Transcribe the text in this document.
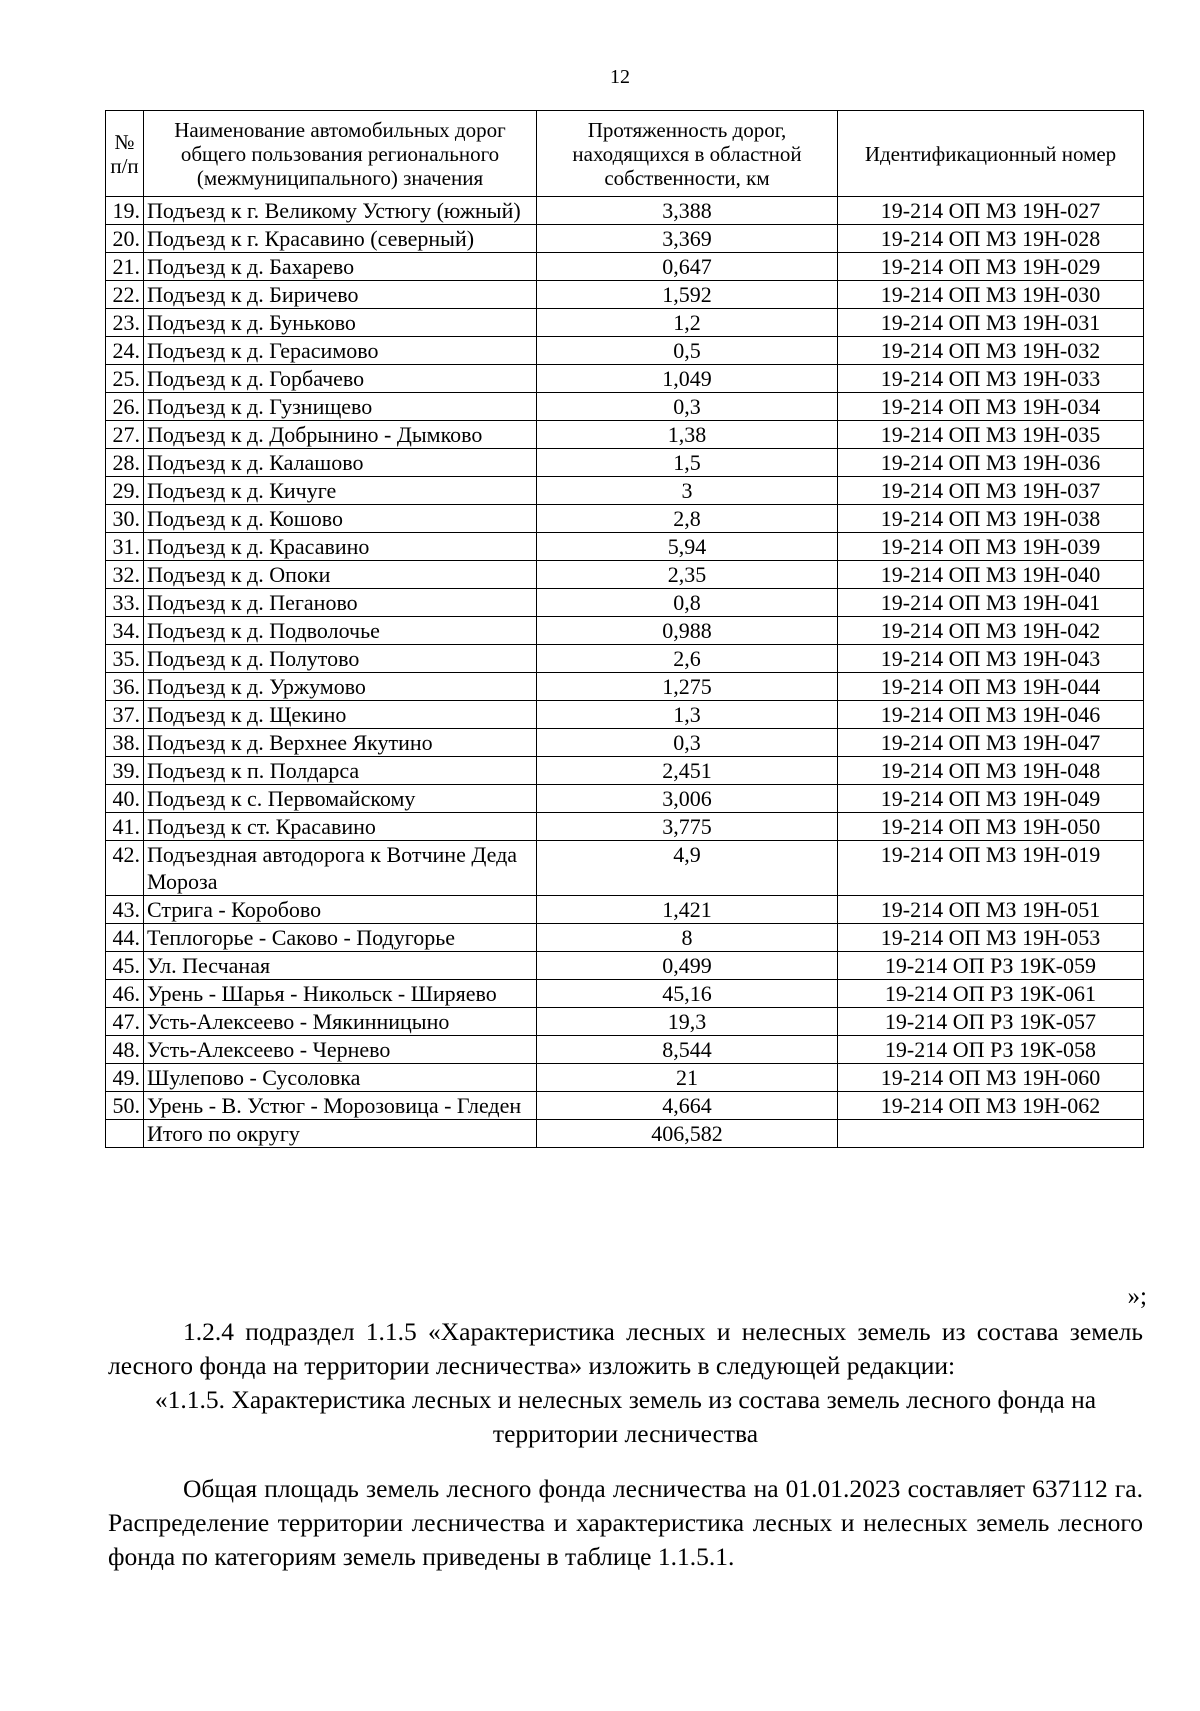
12
№ п/п	Наименование автомобильных дорог общего пользования регионального (межмуниципального) значения	Протяженность дорог, находящихся в областной собственности, км	Идентификационный номер
19.	Подъезд к г. Великому Устюгу (южный)	3,388	19-214 ОП МЗ 19Н-027
20.	Подъезд к г. Красавино (северный)	3,369	19-214 ОП МЗ 19Н-028
21.	Подъезд к д. Бахарево	0,647	19-214 ОП МЗ 19Н-029
22.	Подъезд к д. Биричево	1,592	19-214 ОП МЗ 19Н-030
23.	Подъезд к д. Буньково	1,2	19-214 ОП МЗ 19Н-031
24.	Подъезд к д. Герасимово	0,5	19-214 ОП МЗ 19Н-032
25.	Подъезд к д. Горбачево	1,049	19-214 ОП МЗ 19Н-033
26.	Подъезд к д. Гузнищево	0,3	19-214 ОП МЗ 19Н-034
27.	Подъезд к д. Добрынино - Дымково	1,38	19-214 ОП МЗ 19Н-035
28.	Подъезд к д. Калашово	1,5	19-214 ОП МЗ 19Н-036
29.	Подъезд к д. Кичуге	3	19-214 ОП МЗ 19Н-037
30.	Подъезд к д. Кошово	2,8	19-214 ОП МЗ 19Н-038
31.	Подъезд к д. Красавино	5,94	19-214 ОП МЗ 19Н-039
32.	Подъезд к д. Опоки	2,35	19-214 ОП МЗ 19Н-040
33.	Подъезд к д. Пеганово	0,8	19-214 ОП МЗ 19Н-041
34.	Подъезд к д. Подволочье	0,988	19-214 ОП МЗ 19Н-042
35.	Подъезд к д. Полутово	2,6	19-214 ОП МЗ 19Н-043
36.	Подъезд к д. Уржумово	1,275	19-214 ОП МЗ 19Н-044
37.	Подъезд к д. Щекино	1,3	19-214 ОП МЗ 19Н-046
38.	Подъезд к д. Верхнее Якутино	0,3	19-214 ОП МЗ 19Н-047
39.	Подъезд к п. Полдарса	2,451	19-214 ОП МЗ 19Н-048
40.	Подъезд к с. Первомайскому	3,006	19-214 ОП МЗ 19Н-049
41.	Подъезд к ст. Красавино	3,775	19-214 ОП МЗ 19Н-050
42.	Подъездная автодорога к Вотчине Деда Мороза	4,9	19-214 ОП МЗ 19Н-019
43.	Стрига - Коробово	1,421	19-214 ОП МЗ 19Н-051
44.	Теплогорье - Саково - Подугорье	8	19-214 ОП МЗ 19Н-053
45.	Ул. Песчаная	0,499	19-214 ОП РЗ 19К-059
46.	Урень - Шарья - Никольск - Ширяево	45,16	19-214 ОП РЗ 19К-061
47.	Усть-Алексеево - Мякинницыно	19,3	19-214 ОП РЗ 19К-057
48.	Усть-Алексеево - Чернево	8,544	19-214 ОП РЗ 19К-058
49.	Шулепово - Сусоловка	21	19-214 ОП МЗ 19Н-060
50.	Урень - В. Устюг - Морозовица - Гледен	4,664	19-214 ОП МЗ 19Н-062
	Итого по округу	406,582	
»;
1.2.4 подраздел 1.1.5 «Характеристика лесных и нелесных земель из состава земель лесного фонда на территории лесничества» изложить в следующей редакции:
«1.1.5. Характеристика лесных и нелесных земель из состава земель лесного фонда на территории лесничества
Общая площадь земель лесного фонда лесничества на 01.01.2023 составляет 637112 га. Распределение территории лесничества и характеристика лесных и нелесных земель лесного фонда по категориям земель приведены в таблице 1.1.5.1.
